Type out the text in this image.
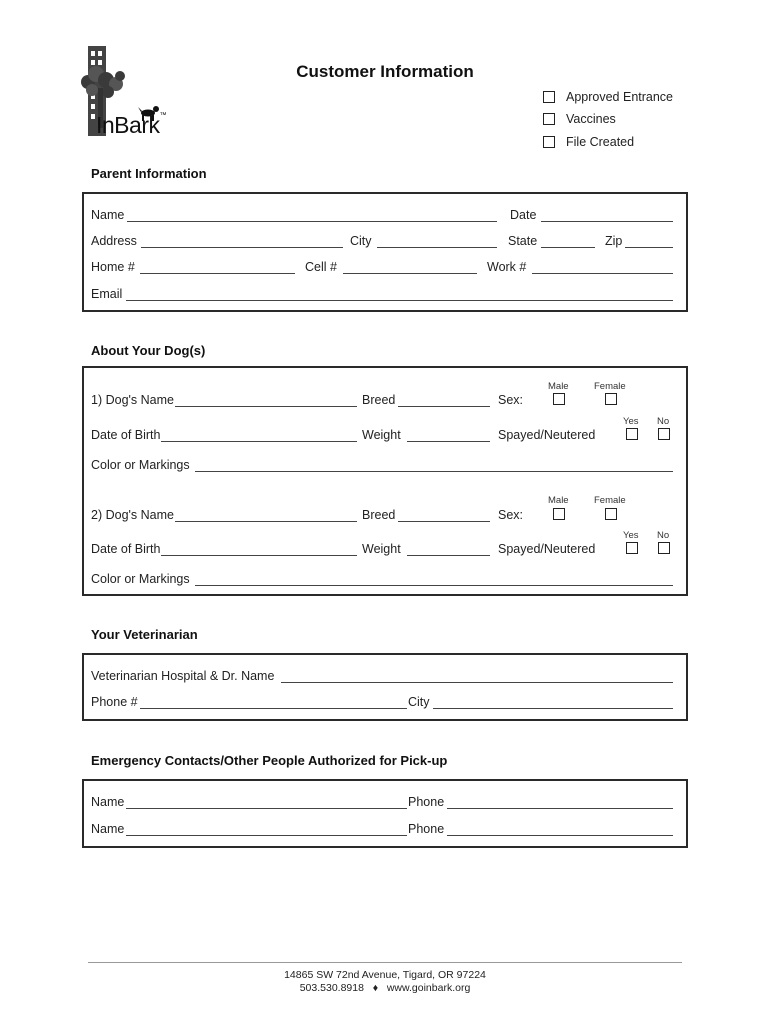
InBark™
Customer Information
Approved Entrance
Vaccines
File Created
Parent Information
Name	Date
Address	City	State	Zip
Home #	Cell #	Work #
Email
About Your Dog(s)
Male	Female
1) Dog's Name	Breed	Sex:
Yes No
Date of Birth	Weight	Spayed/Neutered
Color or Markings
Male	Female
2) Dog's Name	Breed	Sex:
Yes No
Date of Birth	Weight	Spayed/Neutered
Color or Markings
Your Veterinarian
Veterinarian Hospital & Dr. Name
Phone #	City
Emergency Contacts/Other People Authorized for Pick-up
Name	Phone
Name	Phone
14865 SW 72nd Avenue, Tigard, OR 97224
503.530.8918 ♦ www.goinbark.org
